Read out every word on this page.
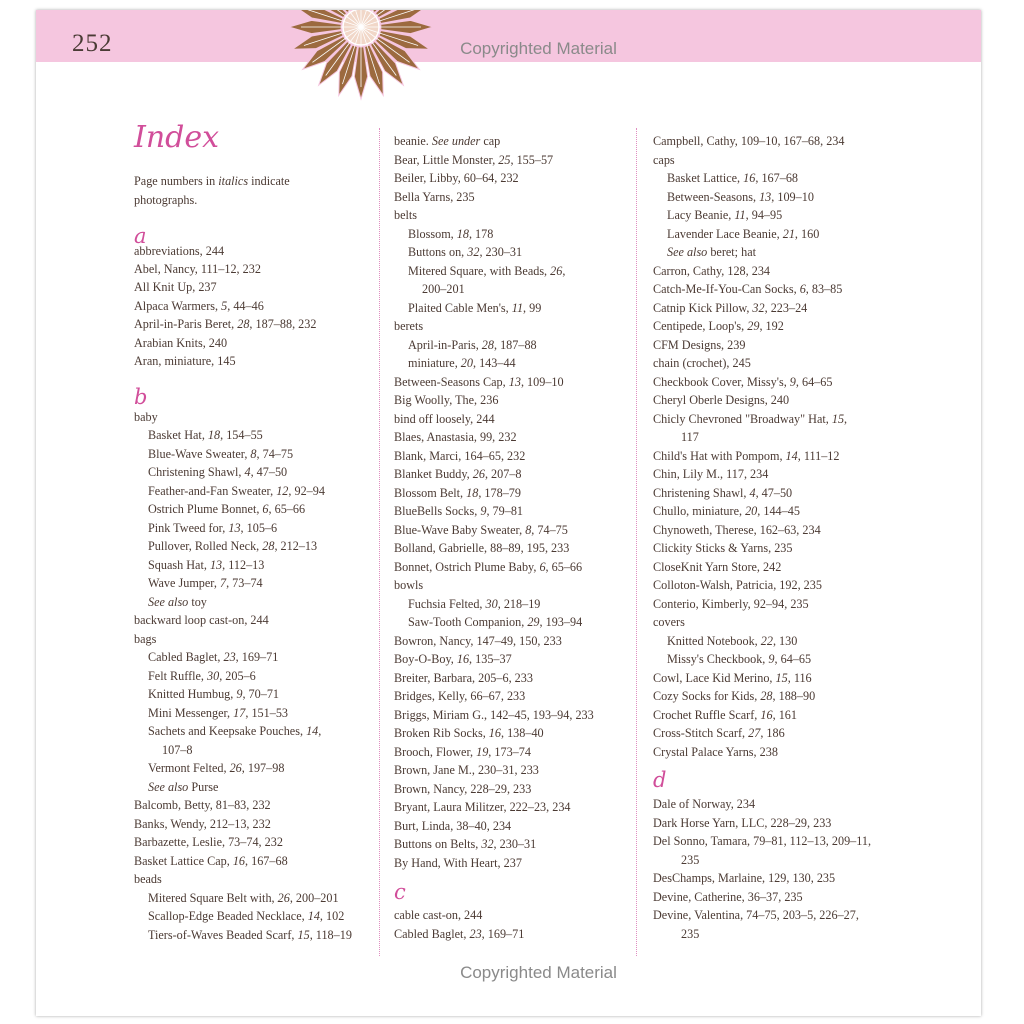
252	Copyrighted Material
Index
Page numbers in italics indicate
photographs.
a
abbreviations, 244
Abel, Nancy, 111–12, 232
All Knit Up, 237
Alpaca Warmers, 5, 44–46
April-in-Paris Beret, 28, 187–88, 232
Arabian Knits, 240
Aran, miniature, 145
b
baby
Basket Hat, 18, 154–55
Blue-Wave Sweater, 8, 74–75
Christening Shawl, 4, 47–50
Feather-and-Fan Sweater, 12, 92–94
Ostrich Plume Bonnet, 6, 65–66
Pink Tweed for, 13, 105–6
Pullover, Rolled Neck, 28, 212–13
Squash Hat, 13, 112–13
Wave Jumper, 7, 73–74
See also toy
backward loop cast-on, 244
bags
Cabled Baglet, 23, 169–71
Felt Ruffle, 30, 205–6
Knitted Humbug, 9, 70–71
Mini Messenger, 17, 151–53
Sachets and Keepsake Pouches, 14,
107–8
Vermont Felted, 26, 197–98
See also Purse
Balcomb, Betty, 81–83, 232
Banks, Wendy, 212–13, 232
Barbazette, Leslie, 73–74, 232
Basket Lattice Cap, 16, 167–68
beads
Mitered Square Belt with, 26, 200–201
Scallop-Edge Beaded Necklace, 14, 102
Tiers-of-Waves Beaded Scarf, 15, 118–19
beanie. See under cap
Bear, Little Monster, 25, 155–57
Beiler, Libby, 60–64, 232
Bella Yarns, 235
belts
Blossom, 18, 178
Buttons on, 32, 230–31
Mitered Square, with Beads, 26,
200–201
Plaited Cable Men's, 11, 99
berets
April-in-Paris, 28, 187–88
miniature, 20, 143–44
Between-Seasons Cap, 13, 109–10
Big Woolly, The, 236
bind off loosely, 244
Blaes, Anastasia, 99, 232
Blank, Marci, 164–65, 232
Blanket Buddy, 26, 207–8
Blossom Belt, 18, 178–79
BlueBells Socks, 9, 79–81
Blue-Wave Baby Sweater, 8, 74–75
Bolland, Gabrielle, 88–89, 195, 233
Bonnet, Ostrich Plume Baby, 6, 65–66
bowls
Fuchsia Felted, 30, 218–19
Saw-Tooth Companion, 29, 193–94
Bowron, Nancy, 147–49, 150, 233
Boy-O-Boy, 16, 135–37
Breiter, Barbara, 205–6, 233
Bridges, Kelly, 66–67, 233
Briggs, Miriam G., 142–45, 193–94, 233
Broken Rib Socks, 16, 138–40
Brooch, Flower, 19, 173–74
Brown, Jane M., 230–31, 233
Brown, Nancy, 228–29, 233
Bryant, Laura Militzer, 222–23, 234
Burt, Linda, 38–40, 234
Buttons on Belts, 32, 230–31
By Hand, With Heart, 237
c
cable cast-on, 244
Cabled Baglet, 23, 169–71
Campbell, Cathy, 109–10, 167–68, 234
caps
Basket Lattice, 16, 167–68
Between-Seasons, 13, 109–10
Lacy Beanie, 11, 94–95
Lavender Lace Beanie, 21, 160
See also beret; hat
Carron, Cathy, 128, 234
Catch-Me-If-You-Can Socks, 6, 83–85
Catnip Kick Pillow, 32, 223–24
Centipede, Loop's, 29, 192
CFM Designs, 239
chain (crochet), 245
Checkbook Cover, Missy's, 9, 64–65
Cheryl Oberle Designs, 240
Chicly Chevroned "Broadway" Hat, 15,
117
Child's Hat with Pompom, 14, 111–12
Chin, Lily M., 117, 234
Christening Shawl, 4, 47–50
Chullo, miniature, 20, 144–45
Chynoweth, Therese, 162–63, 234
Clickity Sticks & Yarns, 235
CloseKnit Yarn Store, 242
Colloton-Walsh, Patricia, 192, 235
Conterio, Kimberly, 92–94, 235
covers
Knitted Notebook, 22, 130
Missy's Checkbook, 9, 64–65
Cowl, Lace Kid Merino, 15, 116
Cozy Socks for Kids, 28, 188–90
Crochet Ruffle Scarf, 16, 161
Cross-Stitch Scarf, 27, 186
Crystal Palace Yarns, 238
d
Dale of Norway, 234
Dark Horse Yarn, LLC, 228–29, 233
Del Sonno, Tamara, 79–81, 112–13, 209–11,
235
DesChamps, Marlaine, 129, 130, 235
Devine, Catherine, 36–37, 235
Devine, Valentina, 74–75, 203–5, 226–27,
235
Copyrighted Material
